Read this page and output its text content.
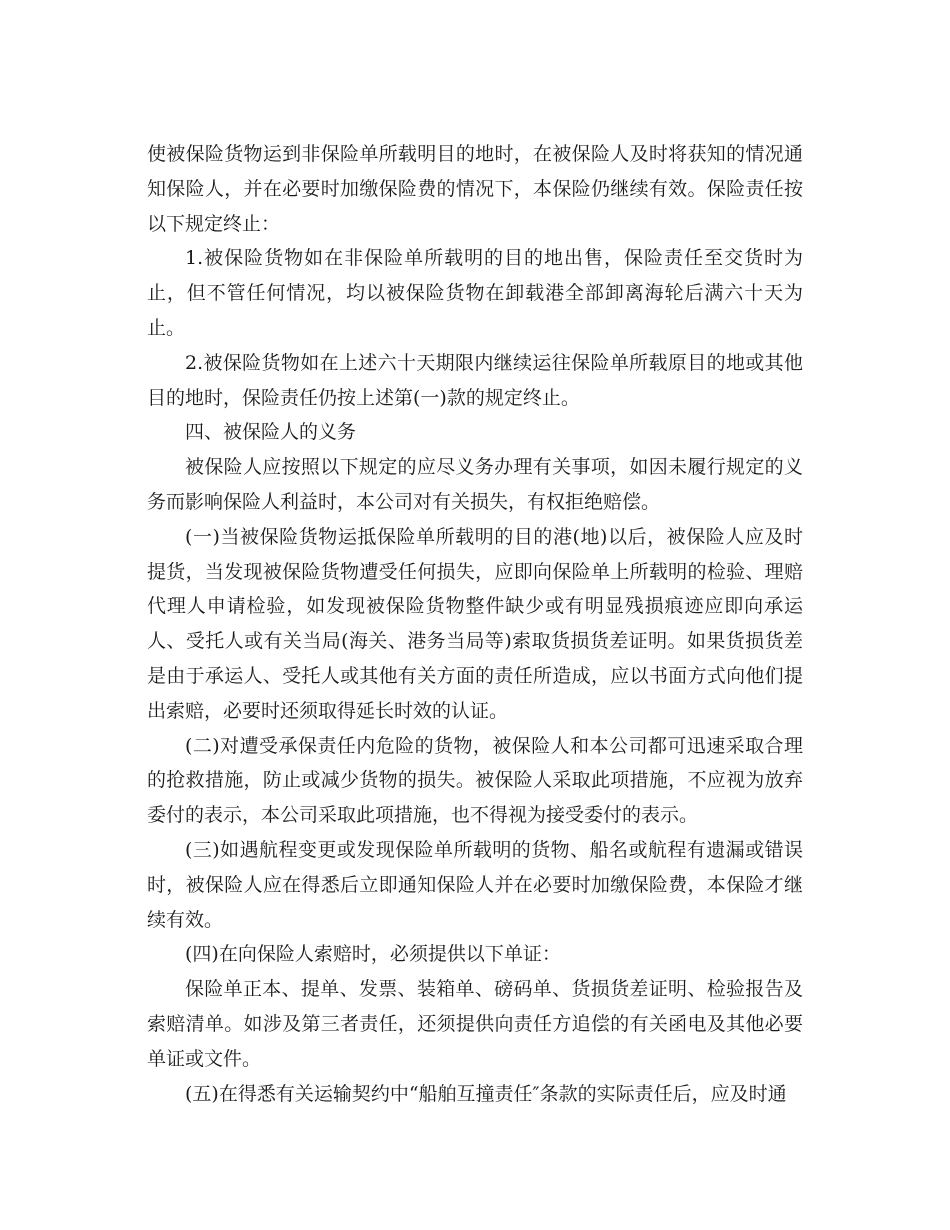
使被保险货物运到非保险单所载明目的地时，在被保险人及时将获知的情况通知保险人，并在必要时加缴保险费的情况下，本保险仍继续有效。保险责任按以下规定终止：

1.被保险货物如在非保险单所载明的目的地出售，保险责任至交货时为止，但不管任何情况，均以被保险货物在卸载港全部卸离海轮后满六十天为止。

2.被保险货物如在上述六十天期限内继续运往保险单所载原目的地或其他目的地时，保险责任仍按上述第(一)款的规定终止。

四、被保险人的义务

被保险人应按照以下规定的应尽义务办理有关事项，如因未履行规定的义务而影响保险人利益时，本公司对有关损失，有权拒绝赔偿。

(一)当被保险货物运抵保险单所载明的目的港(地)以后，被保险人应及时提货，当发现被保险货物遭受任何损失，应即向保险单上所载明的检验、理赔代理人申请检验，如发现被保险货物整件缺少或有明显残损痕迹应即向承运人、受托人或有关当局(海关、港务当局等)索取货损货差证明。如果货损货差是由于承运人、受托人或其他有关方面的责任所造成，应以书面方式向他们提出索赔，必要时还须取得延长时效的认证。

(二)对遭受承保责任内危险的货物，被保险人和本公司都可迅速采取合理的抢救措施，防止或减少货物的损失。被保险人采取此项措施，不应视为放弃委付的表示，本公司采取此项措施，也不得视为接受委付的表示。

(三)如遇航程变更或发现保险单所载明的货物、船名或航程有遗漏或错误时，被保险人应在得悉后立即通知保险人并在必要时加缴保险费，本保险才继续有效。

(四)在向保险人索赔时，必须提供以下单证：

保险单正本、提单、发票、装箱单、磅码单、货损货差证明、检验报告及索赔清单。如涉及第三者责任，还须提供向责任方追偿的有关函电及其他必要单证或文件。

(五)在得悉有关运输契约中“船舶互撞责任″条款的实际责任后，应及时通
